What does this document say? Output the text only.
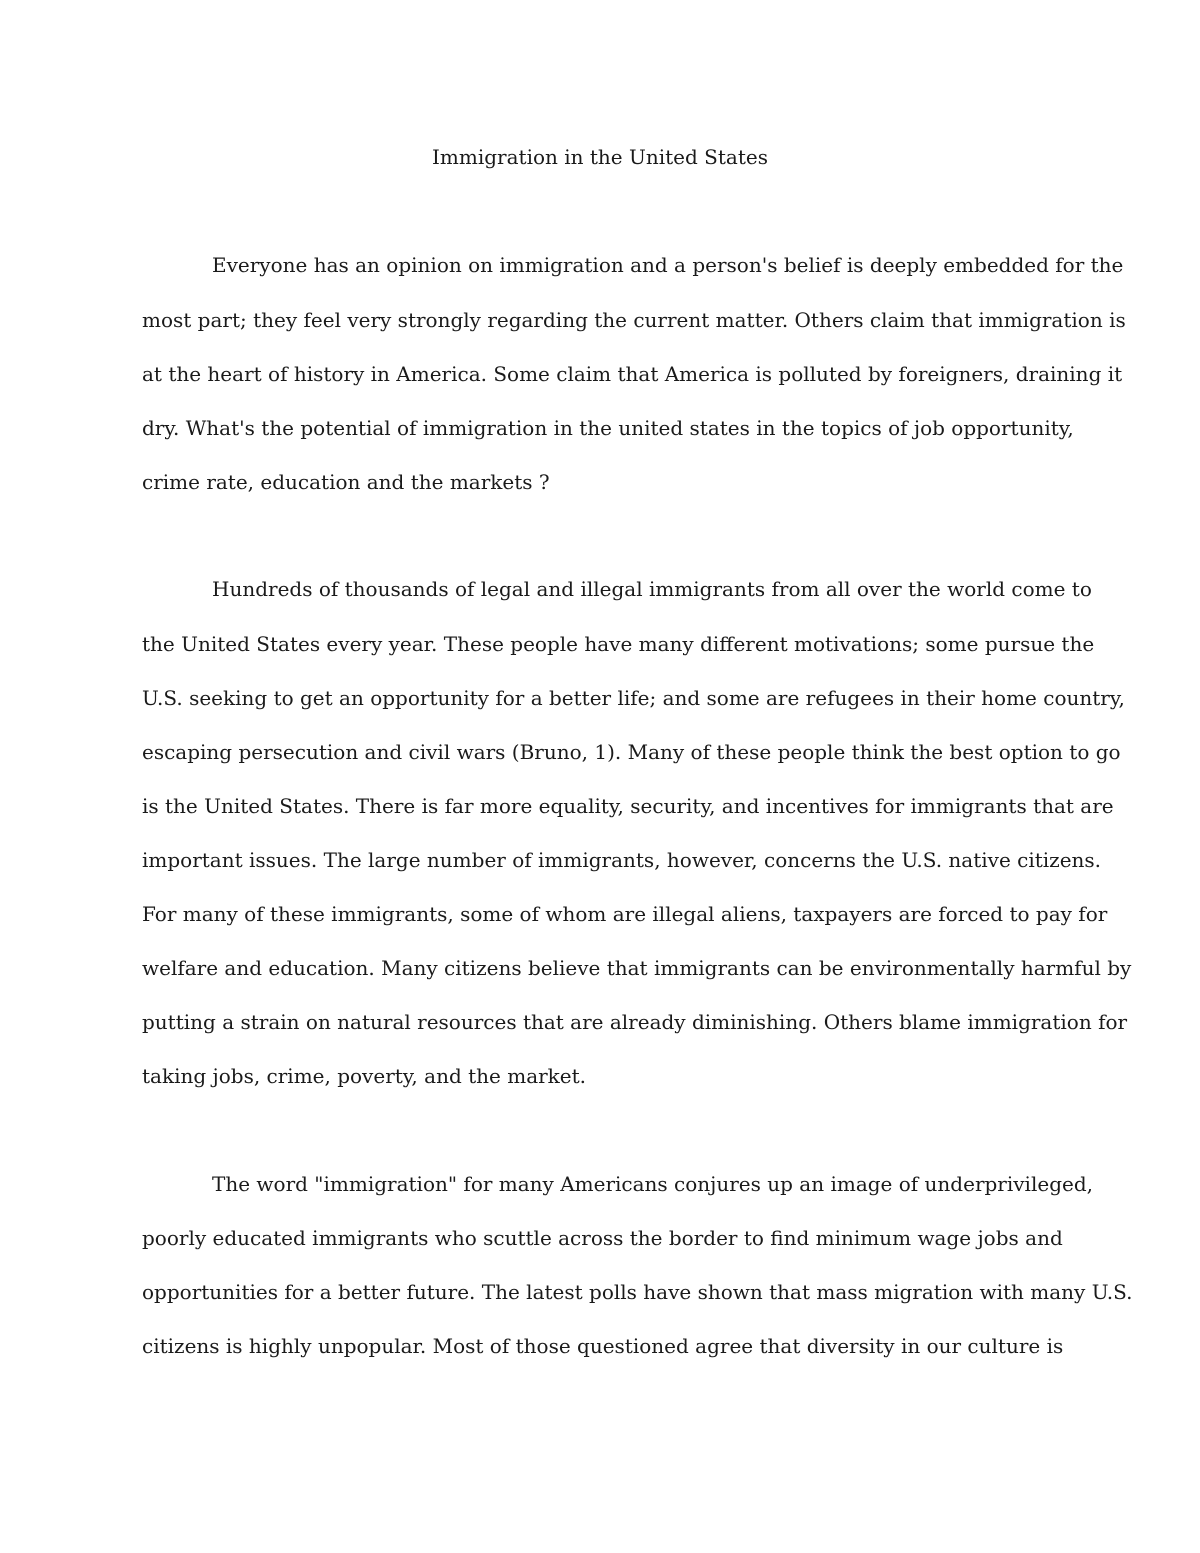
Immigration in the United States

Everyone has an opinion on immigration and a person's belief is deeply embedded for the

most part; they feel very strongly regarding the current matter. Others claim that immigration is

at the heart of history in America. Some claim that America is polluted by foreigners, draining it

dry. What's the potential of immigration in the united states in the topics of job opportunity,

crime rate, education and the markets ?

Hundreds of thousands of legal and illegal immigrants from all over the world come to

the United States every year. These people have many different motivations; some pursue the

U.S. seeking to get an opportunity for a better life; and some are refugees in their home country,

escaping persecution and civil wars (Bruno, 1). Many of these people think the best option to go

is the United States. There is far more equality, security, and incentives for immigrants that are

important issues. The large number of immigrants, however, concerns the U.S. native citizens.

For many of these immigrants, some of whom are illegal aliens, taxpayers are forced to pay for

welfare and education. Many citizens believe that immigrants can be environmentally harmful by

putting a strain on natural resources that are already diminishing. Others blame immigration for

taking jobs, crime, poverty, and the market.

The word "immigration" for many Americans conjures up an image of underprivileged,

poorly educated immigrants who scuttle across the border to find minimum wage jobs and

opportunities for a better future. The latest polls have shown that mass migration with many U.S.

citizens is highly unpopular. Most of those questioned agree that diversity in our culture is
